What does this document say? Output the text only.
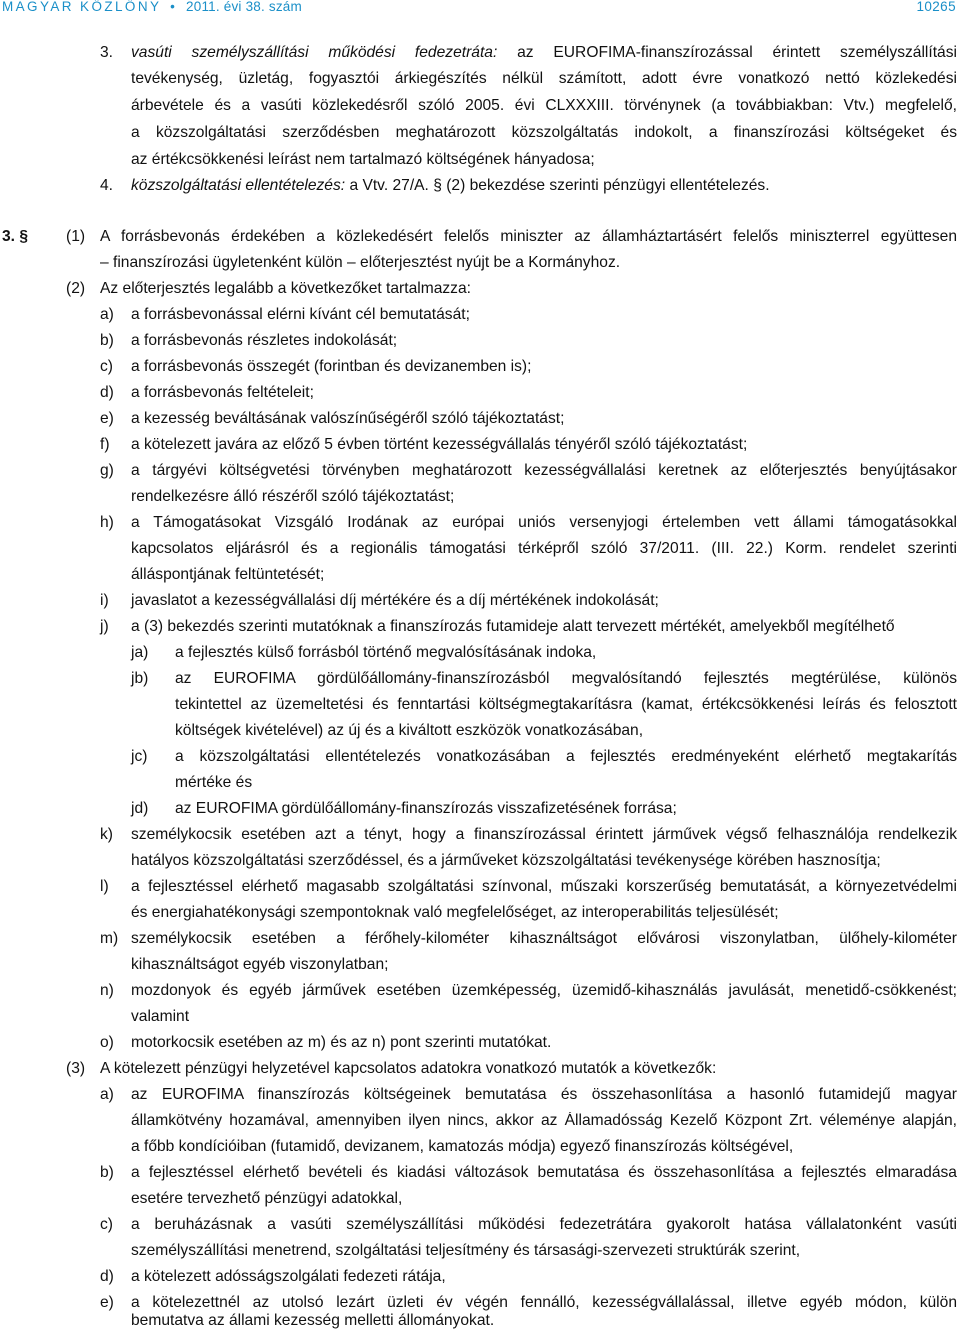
MAGYAR KÖZLÖNY • 2011. évi 38. szám	10265
3. vasúti személyszállítási működési fedezetráta: az EUROFIMA-finanszírozással érintett személyszállítási
tevékenység, üzletág, fogyasztói árkiegészítés nélkül számított, adott évre vonatkozó nettó közlekedési
árbevétele és a vasúti közlekedésről szóló 2005. évi CLXXXIII. törvénynek (a továbbiakban: Vtv.) megfelelő,
a közszolgáltatási szerződésben meghatározott közszolgáltatás indokolt, a finanszírozási költségeket és
az értékcsökkenési leírást nem tartalmazó költségének hányadosa;
4. közszolgáltatási ellentételezés: a Vtv. 27/A. § (2) bekezdése szerinti pénzügyi ellentételezés.
3. § (1) A forrásbevonás érdekében a közlekedésért felelős miniszter az államháztartásért felelős miniszterrel együttesen
– finanszírozási ügyletenként külön – előterjesztést nyújt be a Kormányhoz.
(2) Az előterjesztés legalább a következőket tartalmazza:
a) a forrásbevonással elérni kívánt cél bemutatását;
b) a forrásbevonás részletes indokolását;
c) a forrásbevonás összegét (forintban és devizanemben is);
d) a forrásbevonás feltételeit;
e) a kezesség beváltásának valószínűségéről szóló tájékoztatást;
f) a kötelezett javára az előző 5 évben történt kezességvállalás tényéről szóló tájékoztatást;
g) a tárgyévi költségvetési törvényben meghatározott kezességvállalási keretnek az előterjesztés benyújtásakor
rendelkezésre álló részéről szóló tájékoztatást;
h) a Támogatásokat Vizsgáló Irodának az európai uniós versenyjogi értelemben vett állami támogatásokkal
kapcsolatos eljárásról és a regionális támogatási térképről szóló 37/2011. (III. 22.) Korm. rendelet szerinti
álláspontjának feltüntetését;
i) javaslatot a kezességvállalási díj mértékére és a díj mértékének indokolását;
j) a (3) bekezdés szerinti mutatóknak a finanszírozás futamideje alatt tervezett mértékét, amelyekből megítélhető
ja) a fejlesztés külső forrásból történő megvalósításának indoka,
jb) az EUROFIMA gördülőállomány-finanszírozásból megvalósítandó fejlesztés megtérülése, különös
tekintettel az üzemeltetési és fenntartási költségmegtakarításra (kamat, értékcsökkenési leírás és felosztott
költségek kivételével) az új és a kiváltott eszközök vonatkozásában,
jc) a közszolgáltatási ellentételezés vonatkozásában a fejlesztés eredményeként elérhető megtakarítás
mértéke és
jd) az EUROFIMA gördülőállomány-finanszírozás visszafizetésének forrása;
k) személykocsik esetében azt a tényt, hogy a finanszírozással érintett járművek végső felhasználója rendelkezik
hatályos közszolgáltatási szerződéssel, és a járműveket közszolgáltatási tevékenysége körében hasznosítja;
l) a fejlesztéssel elérhető magasabb szolgáltatási színvonal, műszaki korszerűség bemutatását, a környezetvédelmi
és energiahatékonysági szempontoknak való megfelelőséget, az interoperabilitás teljesülését;
m) személykocsik esetében a férőhely-kilométer kihasználtságot elővárosi viszonylatban, ülőhely-kilométer
kihasználtságot egyéb viszonylatban;
n) mozdonyok és egyéb járművek esetében üzemképesség, üzemidő-kihasználás javulását, menetidő-csökkenést;
valamint
o) motorkocsik esetében az m) és az n) pont szerinti mutatókat.
(3) A kötelezett pénzügyi helyzetével kapcsolatos adatokra vonatkozó mutatók a következők:
a) az EUROFIMA finanszírozás költségeinek bemutatása és összehasonlítása a hasonló futamidejű magyar
államkötvény hozamával, amennyiben ilyen nincs, akkor az Államadósság Kezelő Központ Zrt. véleménye alapján,
a főbb kondícióiban (futamidő, devizanem, kamatozás módja) egyező finanszírozás költségével,
b) a fejlesztéssel elérhető bevételi és kiadási változások bemutatása és összehasonlítása a fejlesztés elmaradása
esetére tervezhető pénzügyi adatokkal,
c) a beruházásnak a vasúti személyszállítási működési fedezetrátára gyakorolt hatása vállalatonként vasúti
személyszállítási menetrend, szolgáltatási teljesítmény és társasági-szervezeti struktúrák szerint,
d) a kötelezett adósságszolgálati fedezeti rátája,
e) a kötelezettnél az utolsó lezárt üzleti év végén fennálló, kezességvállalással, illetve egyéb módon, külön
bemutatva az állami kezesség melletti állományokat.
